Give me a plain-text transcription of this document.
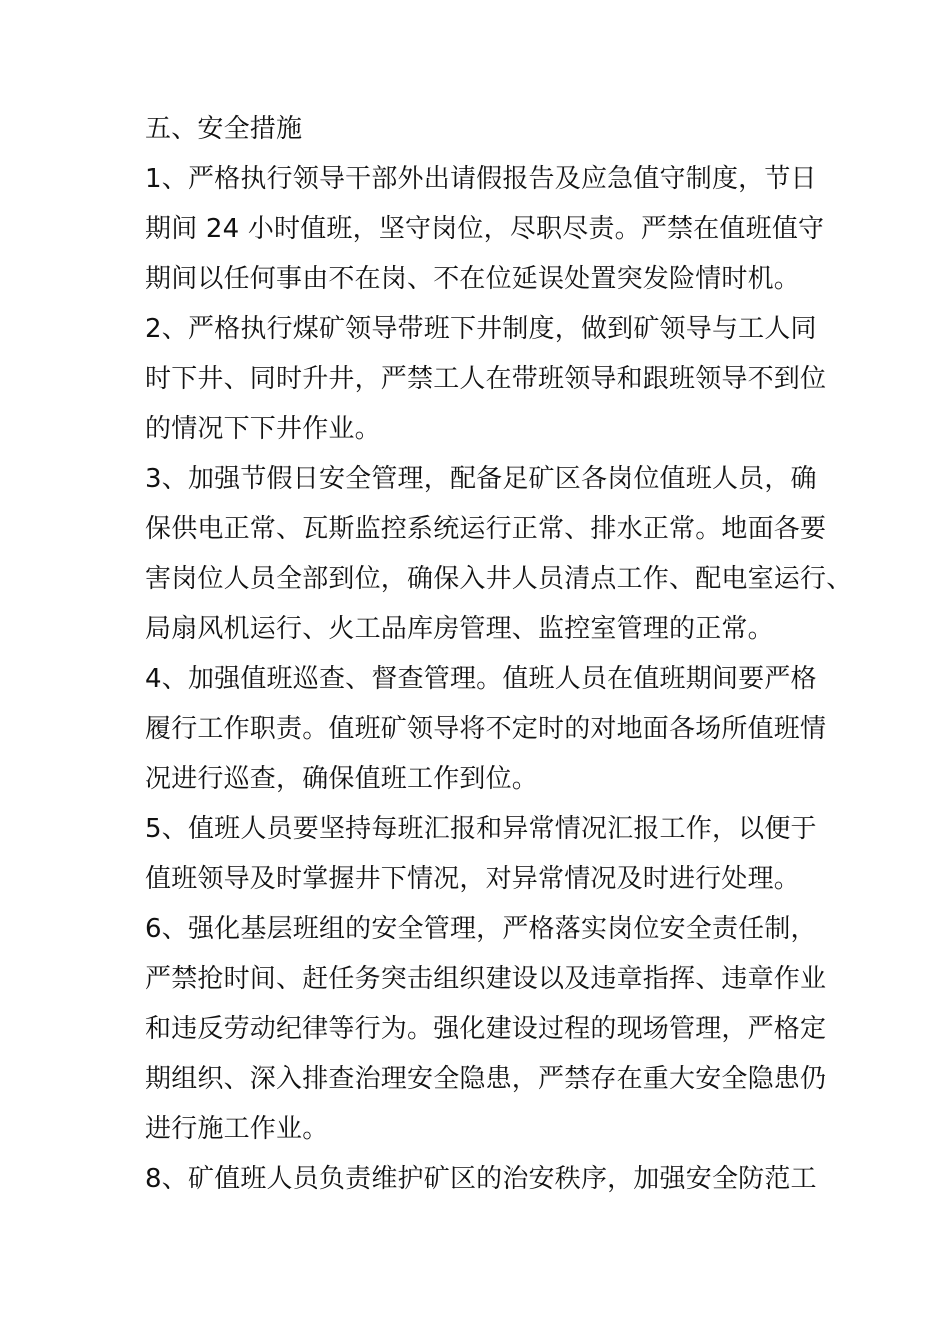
五、安全措施
1、严格执行领导干部外出请假报告及应急值守制度，节日
期间 24 小时值班，坚守岗位，尽职尽责。严禁在值班值守
期间以任何事由不在岗、不在位延误处置突发险情时机。
2、严格执行煤矿领导带班下井制度，做到矿领导与工人同
时下井、同时升井，严禁工人在带班领导和跟班领导不到位
的情况下下井作业。
3、加强节假日安全管理，配备足矿区各岗位值班人员，确
保供电正常、瓦斯监控系统运行正常、排水正常。地面各要
害岗位人员全部到位，确保入井人员清点工作、配电室运行、
局扇风机运行、火工品库房管理、监控室管理的正常。
4、加强值班巡查、督查管理。值班人员在值班期间要严格
履行工作职责。值班矿领导将不定时的对地面各场所值班情
况进行巡查，确保值班工作到位。
5、值班人员要坚持每班汇报和异常情况汇报工作，以便于
值班领导及时掌握井下情况，对异常情况及时进行处理。
6、强化基层班组的安全管理，严格落实岗位安全责任制，
严禁抢时间、赶任务突击组织建设以及违章指挥、违章作业
和违反劳动纪律等行为。强化建设过程的现场管理，严格定
期组织、深入排查治理安全隐患，严禁存在重大安全隐患仍
进行施工作业。
8、矿值班人员负责维护矿区的治安秩序，加强安全防范工
